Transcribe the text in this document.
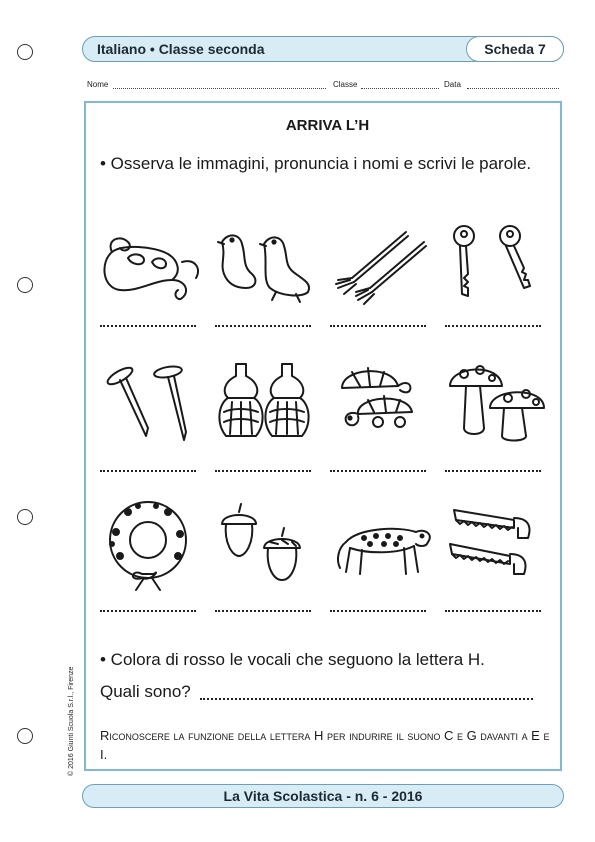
Italiano • Classe seconda	Scheda 7
Nome	Classe	Data
ARRIVA L’H
• Osserva le immagini, pronuncia i nomi e scrivi le parole.
• Colora di rosso le vocali che seguono la lettera H.
Quali sono?
Riconoscere la funzione della lettera H per indurire il suono C e G davanti a E e I.
La Vita Scolastica - n. 6 - 2016
© 2016 Giunti Scuola S.r.l., Firenze
